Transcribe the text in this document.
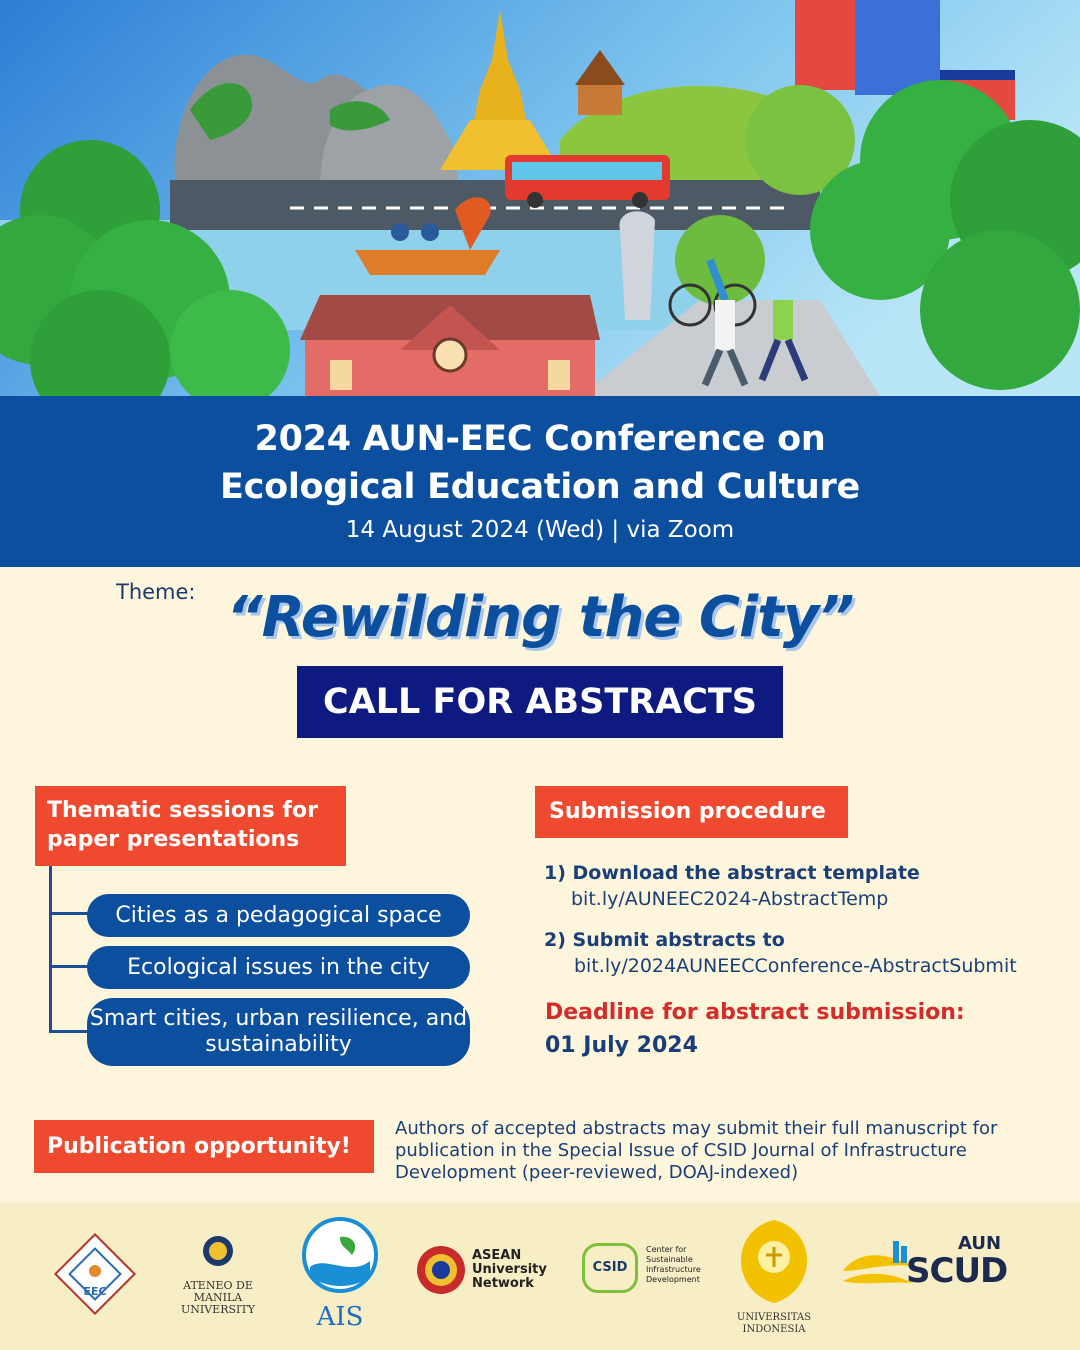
2024 AUN-EEC Conference on
Ecological Education and Culture
14 August 2024 (Wed) | via Zoom
Theme: “Rewilding the City”
CALL FOR ABSTRACTS
Thematic sessions for paper presentations
Cities as a pedagogical space
Ecological issues in the city
Smart cities, urban resilience, and sustainability
Submission procedure
1) Download the abstract template
bit.ly/AUNEEC2024-AbstractTemp
2) Submit abstracts to
bit.ly/2024AUNEECConference-AbstractSubmit
Deadline for abstract submission:
01 July 2024
Publication opportunity!
Authors of accepted abstracts may submit their full manuscript for publication in the Special Issue of CSID Journal of Infrastructure Development (peer-reviewed, DOAJ-indexed)
EEC	ATENEO DE MANILA UNIVERSITY	AIS
ASEAN University Network
CSID
Center for Sustainable Infrastructure Development
UNIVERSITAS INDONESIA
AUN
SCUD
